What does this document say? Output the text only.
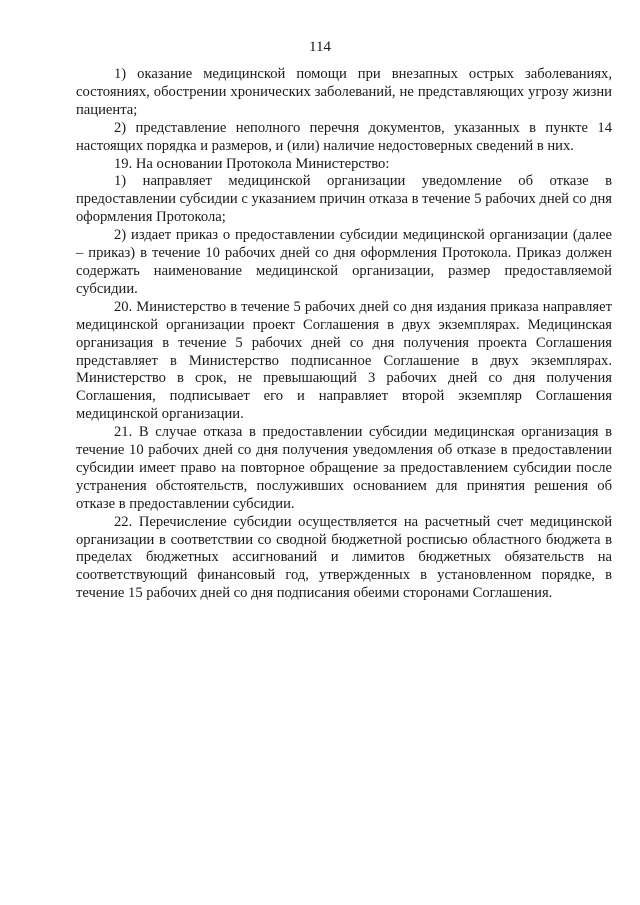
114

1) оказание медицинской помощи при внезапных острых заболеваниях, состояниях, обострении хронических заболеваний, не представляющих угрозу жизни пациента;

2) представление неполного перечня документов, указанных в пункте 14 настоящих порядка и размеров, и (или) наличие недостоверных сведений в них.

19. На основании Протокола Министерство:

1) направляет медицинской организации уведомление об отказе в предоставлении субсидии с указанием причин отказа в течение 5 рабочих дней со дня оформления Протокола;

2) издает приказ о предоставлении субсидии медицинской организации (далее – приказ) в течение 10 рабочих дней со дня оформления Протокола. Приказ должен содержать наименование медицинской организации, размер предоставляемой субсидии.

20. Министерство в течение 5 рабочих дней со дня издания приказа направляет медицинской организации проект Соглашения в двух экземплярах. Медицинская организация в течение 5 рабочих дней со дня получения проекта Соглашения представляет в Министерство подписанное Соглашение в двух экземплярах. Министерство в срок, не превышающий 3 рабочих дней со дня получения Соглашения, подписывает его и направляет второй экземпляр Соглашения медицинской организации.

21. В случае отказа в предоставлении субсидии медицинская организация в течение 10 рабочих дней со дня получения уведомления об отказе в предоставлении субсидии имеет право на повторное обращение за предоставлением субсидии после устранения обстоятельств, послуживших основанием для принятия решения об отказе в предоставлении субсидии.

22. Перечисление субсидии осуществляется на расчетный счет медицинской организации в соответствии со сводной бюджетной росписью областного бюджета в пределах бюджетных ассигнований и лимитов бюджетных обязательств на соответствующий финансовый год, утвержденных в установленном порядке, в течение 15 рабочих дней со дня подписания обеими сторонами Соглашения.
